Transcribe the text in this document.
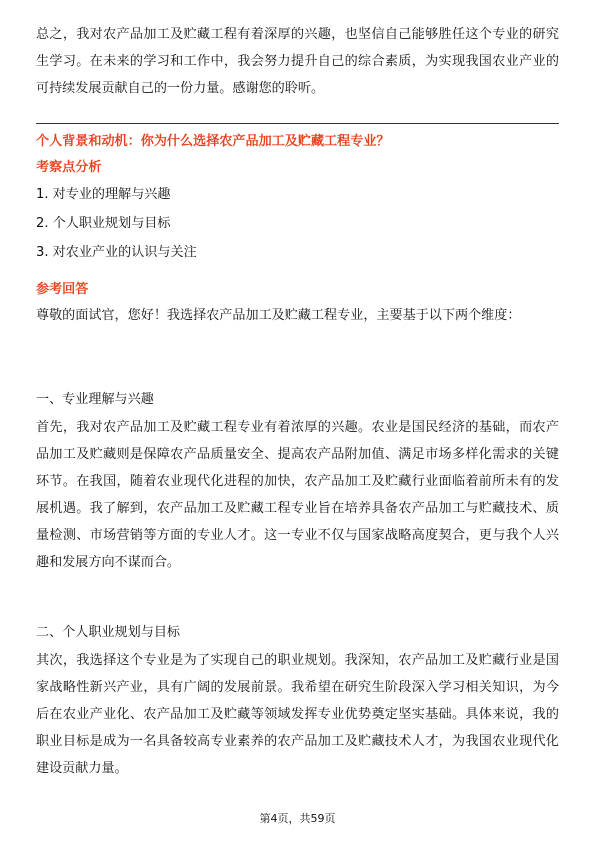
总之，我对农产品加工及贮藏工程有着深厚的兴趣，也坚信自己能够胜任这个专业的研究生学习。在未来的学习和工作中，我会努力提升自己的综合素质，为实现我国农业产业的可持续发展贡献自己的一份力量。感谢您的聆听。

个人背景和动机：你为什么选择农产品加工及贮藏工程专业？

考察点分析

1. 对专业的理解与兴趣

2. 个人职业规划与目标

3. 对农业产业的认识与关注

参考回答

尊敬的面试官，您好！我选择农产品加工及贮藏工程专业，主要基于以下两个维度：

一、专业理解与兴趣

首先，我对农产品加工及贮藏工程专业有着浓厚的兴趣。农业是国民经济的基础，而农产品加工及贮藏则是保障农产品质量安全、提高农产品附加值、满足市场多样化需求的关键环节。在我国，随着农业现代化进程的加快，农产品加工及贮藏行业面临着前所未有的发展机遇。我了解到，农产品加工及贮藏工程专业旨在培养具备农产品加工与贮藏技术、质量检测、市场营销等方面的专业人才。这一专业不仅与国家战略高度契合，更与我个人兴趣和发展方向不谋而合。

二、个人职业规划与目标

其次，我选择这个专业是为了实现自己的职业规划。我深知，农产品加工及贮藏行业是国家战略性新兴产业，具有广阔的发展前景。我希望在研究生阶段深入学习相关知识，为今后在农业产业化、农产品加工及贮藏等领域发挥专业优势奠定坚实基础。具体来说，我的职业目标是成为一名具备较高专业素养的农产品加工及贮藏技术人才，为我国农业现代化建设贡献力量。

第4页，共59页
